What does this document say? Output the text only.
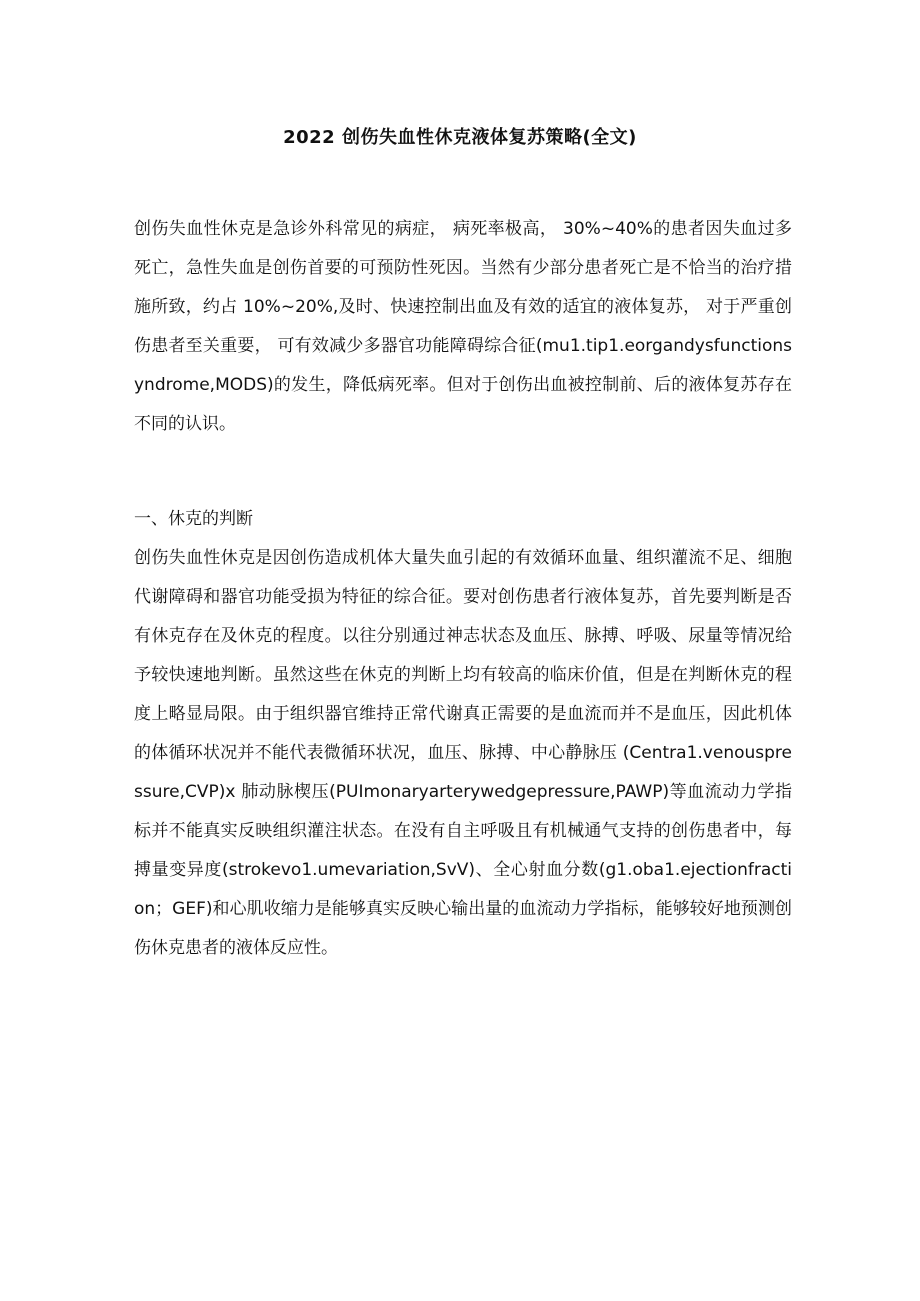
2022 创伤失血性休克液体复苏策略(全文)

创伤失血性休克是急诊外科常见的病症， 病死率极高， 30%~40%的患者因失血过多死亡，急性失血是创伤首要的可预防性死因。当然有少部分患者死亡是不恰当的治疗措施所致，约占 10%~20%,及时、快速控制出血及有效的适宜的液体复苏， 对于严重创伤患者至关重要， 可有效减少多器官功能障碍综合征(mu1.tip1.eorgandysfunctionsyndrome,MODS)的发生，降低病死率。但对于创伤出血被控制前、后的液体复苏存在不同的认识。

一、休克的判断

创伤失血性休克是因创伤造成机体大量失血引起的有效循环血量、组织灌流不足、细胞代谢障碍和器官功能受损为特征的综合征。要对创伤患者行液体复苏，首先要判断是否有休克存在及休克的程度。以往分别通过神志状态及血压、脉搏、呼吸、尿量等情况给予较快速地判断。虽然这些在休克的判断上均有较高的临床价值，但是在判断休克的程度上略显局限。由于组织器官维持正常代谢真正需要的是血流而并不是血压，因此机体的体循环状况并不能代表微循环状况，血压、脉搏、中心静脉压 (Centra1.venouspressure,CVP)x 肺动脉楔压(PUImonaryarterywedgepressure,PAWP)等血流动力学指标并不能真实反映组织灌注状态。在没有自主呼吸且有机械通气支持的创伤患者中，每搏量变异度(strokevo1.umevariation,SvV)、全心射血分数(g1.oba1.ejectionfraction；GEF)和心肌收缩力是能够真实反映心输出量的血流动力学指标，能够较好地预测创伤休克患者的液体反应性。
